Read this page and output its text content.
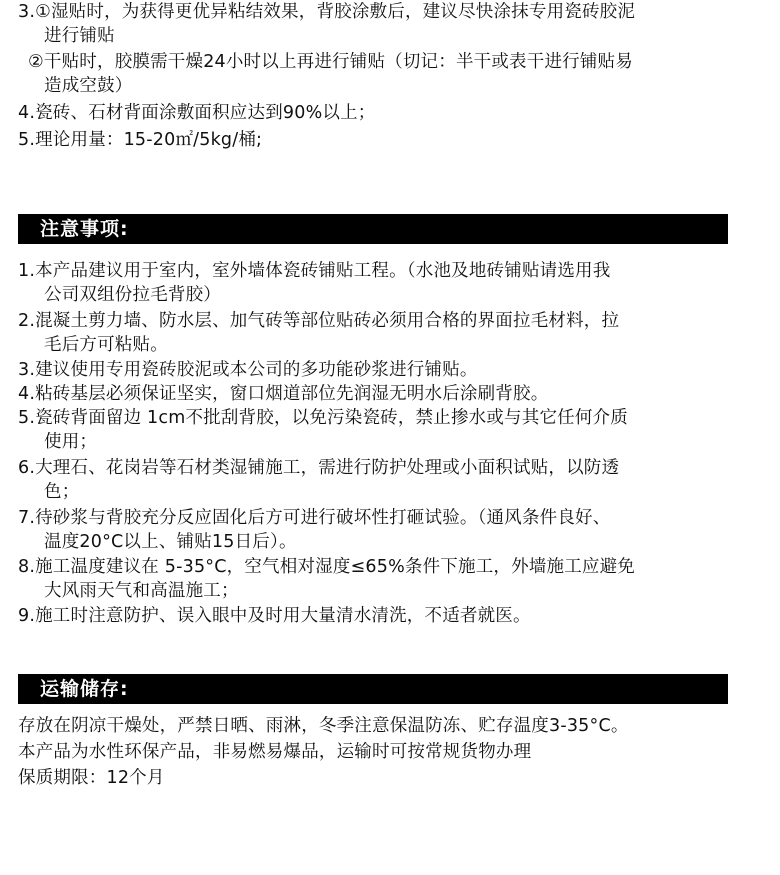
3.①湿贴时，为获得更优异粘结效果，背胶涂敷后，建议尽快涂抹专用瓷砖胶泥
进行铺贴
②干贴时，胶膜需干燥24小时以上再进行铺贴（切记：半干或表干进行铺贴易
造成空鼓）
4.瓷砖、石材背面涂敷面积应达到90%以上；
5.理论用量：15-20㎡/5kg/桶;
注意事项:
1.本产品建议用于室内，室外墙体瓷砖铺贴工程。（水池及地砖铺贴请选用我
公司双组份拉毛背胶）
2.混凝土剪力墙、防水层、加气砖等部位贴砖必须用合格的界面拉毛材料，拉
毛后方可粘贴。
3.建议使用专用瓷砖胶泥或本公司的多功能砂浆进行铺贴。
4.粘砖基层必须保证坚实，窗口烟道部位先润湿无明水后涂刷背胶。
5.瓷砖背面留边 1cm不批刮背胶，以免污染瓷砖，禁止掺水或与其它任何介质
使用；
6.大理石、花岗岩等石材类湿铺施工，需进行防护处理或小面积试贴，以防透
色；
7.待砂浆与背胶充分反应固化后方可进行破坏性打砸试验。（通风条件良好、
温度20°C以上、铺贴15日后）。
8.施工温度建议在 5-35°C，空气相对湿度≤65%条件下施工，外墙施工应避免
大风雨天气和高温施工；
9.施工时注意防护、误入眼中及时用大量清水清洗，不适者就医。
运输储存:
存放在阴凉干燥处，严禁日晒、雨淋，冬季注意保温防冻、贮存温度3-35°C。
本产品为水性环保产品，非易燃易爆品，运输时可按常规货物办理
保质期限：12个月
